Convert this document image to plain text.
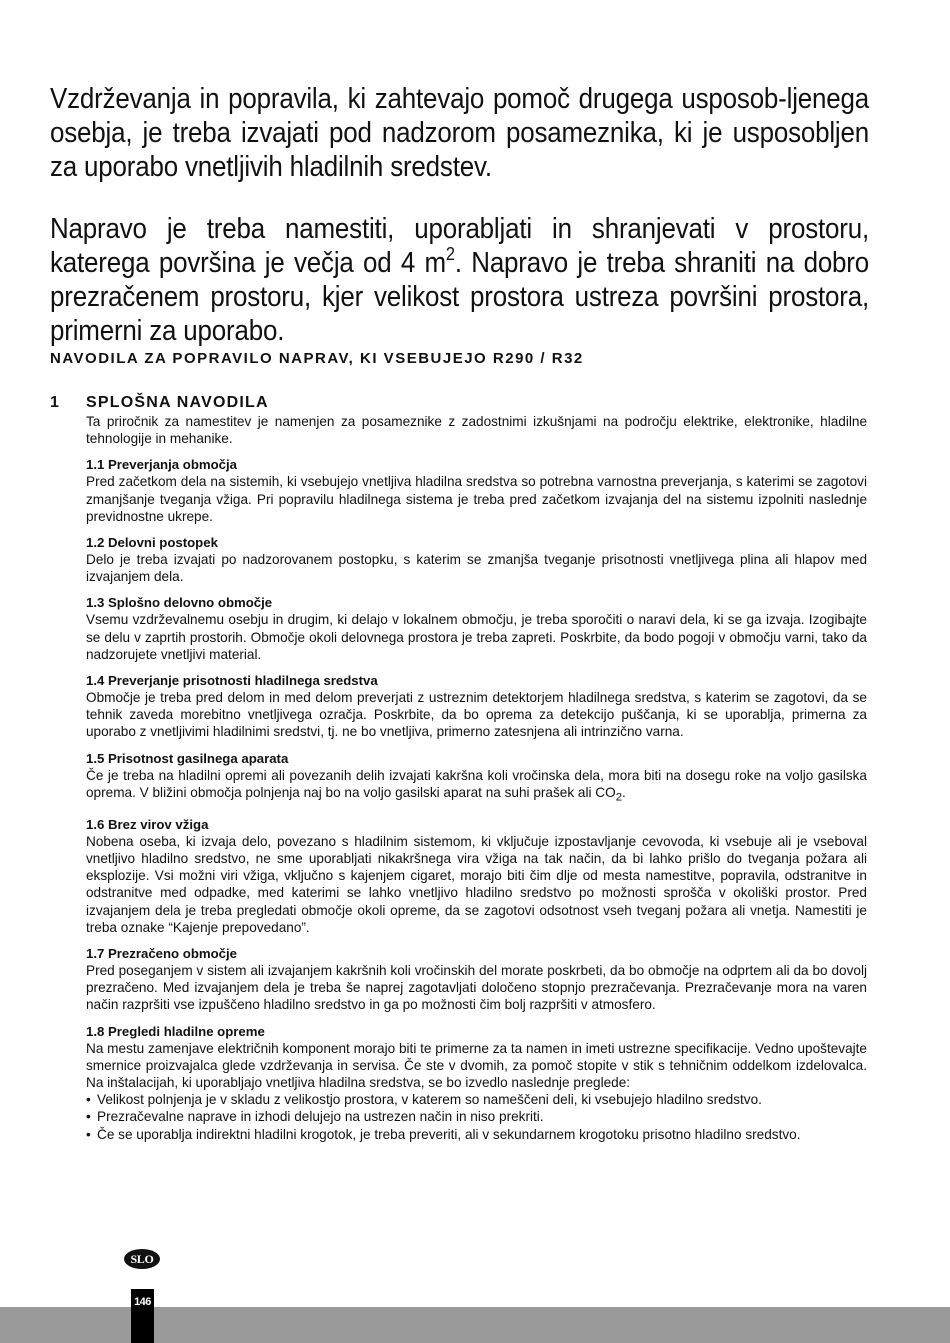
Vzdrževanja in popravila, ki zahtevajo pomoč drugega usposob-ljenega osebja, je treba izvajati pod nadzorom posameznika, ki je usposobljen za uporabo vnetljivih hladilnih sredstev.

Napravo je treba namestiti, uporabljati in shranjevati v prostoru, katerega površina je večja od 4 $m^2$. Napravo je treba shraniti na dobro prezračenem prostoru, kjer velikost prostora ustreza površini prostora, primerni za uporabo.

NAVODILA ZA POPRAVILO NAPRAV, KI VSEBUJEJO R290 / R32
1 SPLOŠNA NAVODILA

Ta priročnik za namestitev je namenjen za posameznike z zadostnimi izkušnjami na področju elektrike, elektronike, hladilne tehnologije in mehanike.

1.1 Preverjanja območja

Pred začetkom dela na sistemih, ki vsebujejo vnetljiva hladilna sredstva so potrebna varnostna preverjanja, s katerimi se zagotovi zmanjšanje tveganja vžiga. Pri popravilu hladilnega sistema je treba pred začetkom izvajanja del na sistemu izpolniti naslednje previdnostne ukrepe.

1.2 Delovni postopek

Delo je treba izvajati po nadzorovanem postopku, s katerim se zmanjša tveganje prisotnosti vnetljivega plina ali hlapov med izvajanjem dela.

1.3 Splošno delovno območje

Vsemu vzdrževalnemu osebju in drugim, ki delajo v lokalnem območju, je treba sporočiti o naravi dela, ki se ga izvaja. Izogibajte se delu v zaprtih prostorih. Območje okoli delovnega prostora je treba zapreti. Poskrbite, da bodo pogoji v območju varni, tako da nadzorujete vnetljivi material.

1.4 Preverjanje prisotnosti hladilnega sredstva

Območje je treba pred delom in med delom preverjati z ustreznim detektorjem hladilnega sredstva, s katerim se zagotovi, da se tehnik zaveda morebitno vnetljivega ozračja. Poskrbite, da bo oprema za detekcijo puščanja, ki se uporablja, primerna za uporabo z vnetljivimi hladilnimi sredstvi, tj. ne bo vnetljiva, primerno zatesnjena ali intrinzično varna.

1.5 Prisotnost gasilnega aparata

Če je treba na hladilni opremi ali povezanih delih izvajati kakršna koli vročinska dela, mora biti na dosegu roke na voljo gasilska oprema. V bližini območja polnjenja naj bo na voljo gasilski aparat na suhi prašek ali $CO_2$.

1.6 Brez virov vžiga

Nobena oseba, ki izvaja delo, povezano s hladilnim sistemom, ki vključuje izpostavljanje cevovoda, ki vsebuje ali je vseboval vnetljivo hladilno sredstvo, ne sme uporabljati nikakršnega vira vžiga na tak način, da bi lahko prišlo do tveganja požara ali eksplozije. Vsi možni viri vžiga, vključno s kajenjem cigaret, morajo biti čim dlje od mesta namestitve, popravila, odstranitve in odstranitve med odpadke, med katerimi se lahko vnetljivo hladilno sredstvo po možnosti sprošča v okoliški prostor. Pred izvajanjem dela je treba pregledati območje okoli opreme, da se zagotovi odsotnost vseh tveganj požara ali vnetja. Namestiti je treba oznake “Kajenje prepovedano”.

1.7 Prezračeno območje

Pred poseganjem v sistem ali izvajanjem kakršnih koli vročinskih del morate poskrbeti, da bo območje na odprtem ali da bo dovolj prezračeno. Med izvajanjem dela je treba še naprej zagotavljati določeno stopnjo prezračevanja. Prezračevanje mora na varen način razpršiti vse izpuščeno hladilno sredstvo in ga po možnosti čim bolj razpršiti v atmosfero.

1.8 Pregledi hladilne opreme

Na mestu zamenjave električnih komponent morajo biti te primerne za ta namen in imeti ustrezne specifikacije. Vedno upoštevajte smernice proizvajalca glede vzdrževanja in servisa. Če ste v dvomih, za pomoč stopite v stik s tehničnim oddelkom izdelovalca. Na inštalacijah, ki uporabljajo vnetljiva hladilna sredstva, se bo izvedlo naslednje preglede:

• Velikost polnjenja je v skladu z velikostjo prostora, v katerem so nameščeni deli, ki vsebujejo hladilno sredstvo.
• Prezračevalne naprave in izhodi delujejo na ustrezen način in niso prekriti.
• Če se uporablja indirektni hladilni krogotok, je treba preveriti, ali v sekundarnem krogotoku prisotno hladilno sredstvo.
SLO
146
